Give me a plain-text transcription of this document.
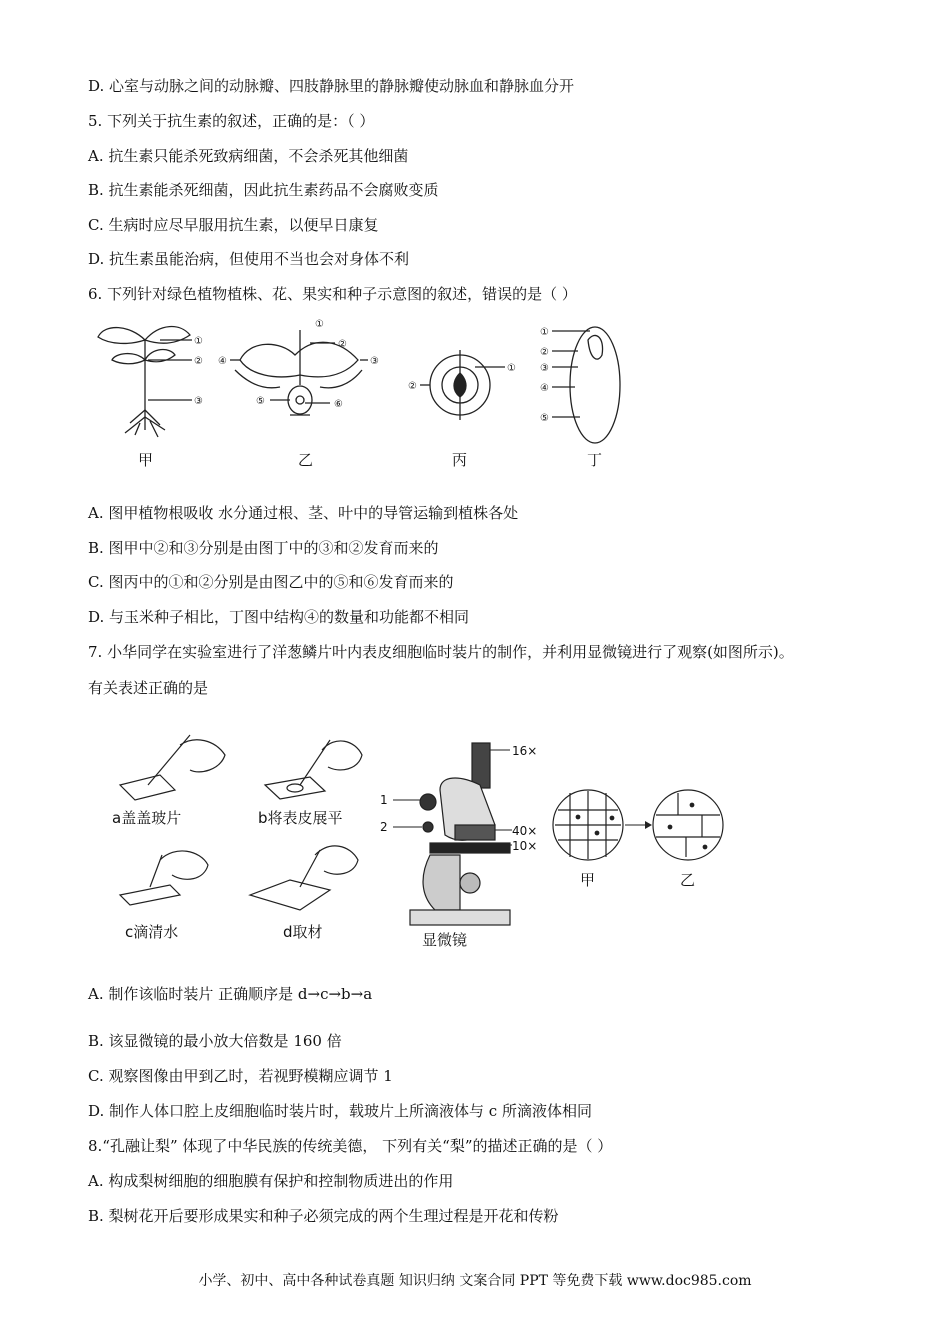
D. 心室与动脉之间的动脉瓣、四肢静脉里的静脉瓣使动脉血和静脉血分开
5. 下列关于抗生素的叙述，正确的是：（ ）
A. 抗生素只能杀死致病细菌，不会杀死其他细菌
B. 抗生素能杀死细菌，因此抗生素药品不会腐败变质
C. 生病时应尽早服用抗生素，以便早日康复
D. 抗生素虽能治病，但使用不当也会对身体不利
6. 下列针对绿色植物植株、花、果实和种子示意图的叙述，错误的是（ ）
①
②
③
①
②
③
④
⑤	⑥
①
②
①
②
③
④
⑤
甲	乙	丙	丁
A. 图甲植物根吸收 水分通过根、茎、叶中的导管运输到植株各处
B. 图甲中②和③分别是由图丁中的③和②发育而来的
C. 图丙中的①和②分别是由图乙中的⑤和⑥发育而来的
D. 与玉米种子相比，丁图中结构④的数量和功能都不相同
7. 小华同学在实验室进行了洋葱鳞片叶内表皮细胞临时装片的制作，并利用显微镜进行了观察(如图所示)。
有关表述正确的是
a盖盖玻片	b将表皮展平
c滴清水	d取材
16×
1
2	40×
10×
显微镜
甲	乙
A. 制作该临时装片 正确顺序是 d→c→b→a
B. 该显微镜的最小放大倍数是 160 倍
C. 观察图像由甲到乙时，若视野模糊应调节 1
D. 制作人体口腔上皮细胞临时装片时，载玻片上所滴液体与 c 所滴液体相同
8.“孔融让梨” 体现了中华民族的传统美德， 下列有关“梨”的描述正确的是（ ）
A. 构成梨树细胞的细胞膜有保护和控制物质进出的作用
B. 梨树花开后要形成果实和种子必须完成的两个生理过程是开花和传粉
小学、初中、高中各种试卷真题 知识归纳 文案合同 PPT 等免费下载 www.doc985.com
